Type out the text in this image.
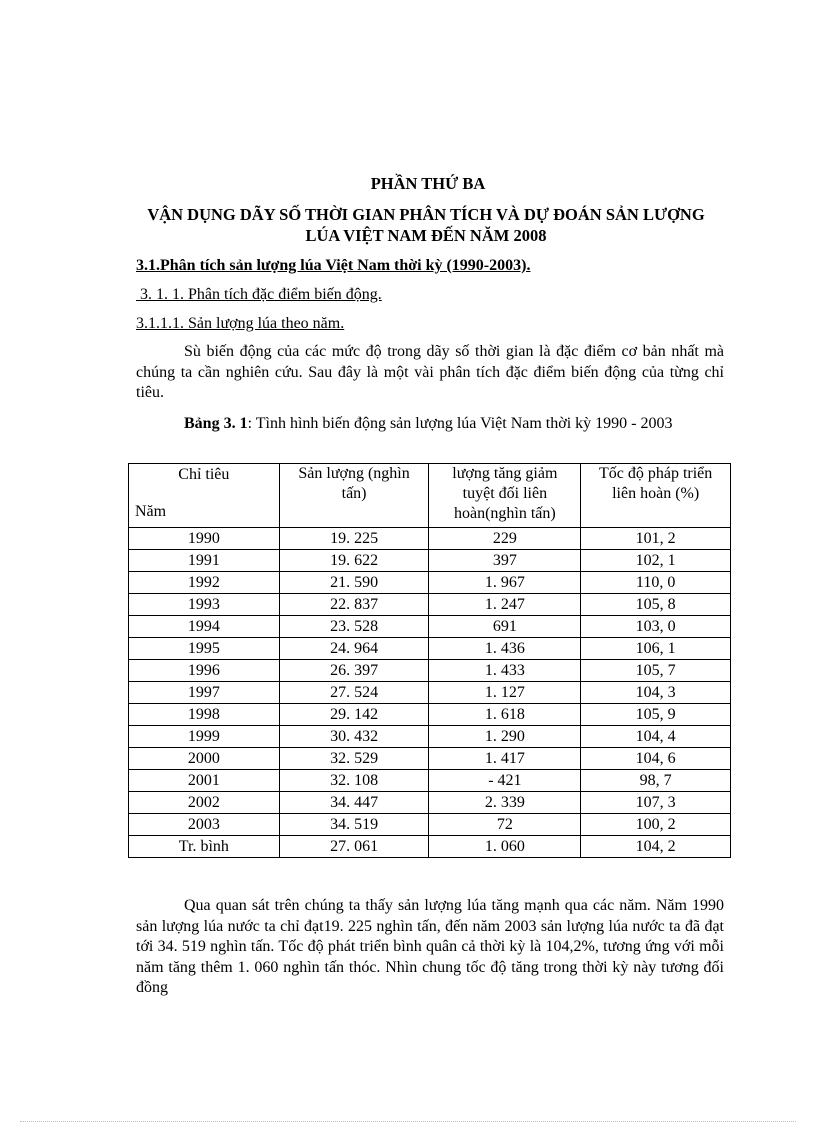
PHẦN THỨ BA
VẬN DỤNG DÃY SỐ THỜI GIAN PHÂN TÍCH VÀ DỰ ĐOÁN SẢN LƯỢNG LÚA VIỆT NAM ĐẾN NĂM 2008
3.1.Phân tích sản lượng lúa Việt Nam thời kỳ (1990-2003).
3. 1. 1. Phân tích đặc điểm biến động.
3.1.1.1. Sản lượng lúa theo năm.

Sù biến động của các mức độ trong dãy số thời gian là đặc điểm cơ bản nhất mà chúng ta cần nghiên cứu. Sau đây là một vài phân tích đặc điểm biến động của từng chỉ tiêu.

Bảng 3. 1: Tình hình biến động sản lượng lúa Việt Nam thời kỳ 1990 - 2003

Chỉ tiêu
Năm	Sản lượng (nghìn tấn)	lượng tăng giảm tuyệt đối liên hoàn(nghìn tấn)	Tốc độ pháp triển liên hoàn (%)
1990	19. 225	229	101, 2
1991	19. 622	397	102, 1
1992	21. 590	1. 967	110, 0
1993	22. 837	1. 247	105, 8
1994	23. 528	691	103, 0
1995	24. 964	1. 436	106, 1
1996	26. 397	1. 433	105, 7
1997	27. 524	1. 127	104, 3
1998	29. 142	1. 618	105, 9
1999	30. 432	1. 290	104, 4
2000	32. 529	1. 417	104, 6
2001	32. 108	- 421	98, 7
2002	34. 447	2. 339	107, 3
2003	34. 519	72	100, 2
Tr. bình	27. 061	1. 060	104, 2

Qua quan sát trên chúng ta thấy sản lượng lúa tăng mạnh qua các năm. Năm 1990 sản lượng lúa nước ta chỉ đạt19. 225 nghìn tấn, đến năm 2003 sản lượng lúa nước ta đã đạt tới 34. 519 nghìn tấn. Tốc độ phát triển bình quân cả thời kỳ là 104,2%, tương ứng với mỗi năm tăng thêm 1. 060 nghìn tấn thóc. Nhìn chung tốc độ tăng trong thời kỳ này tương đối đồng
